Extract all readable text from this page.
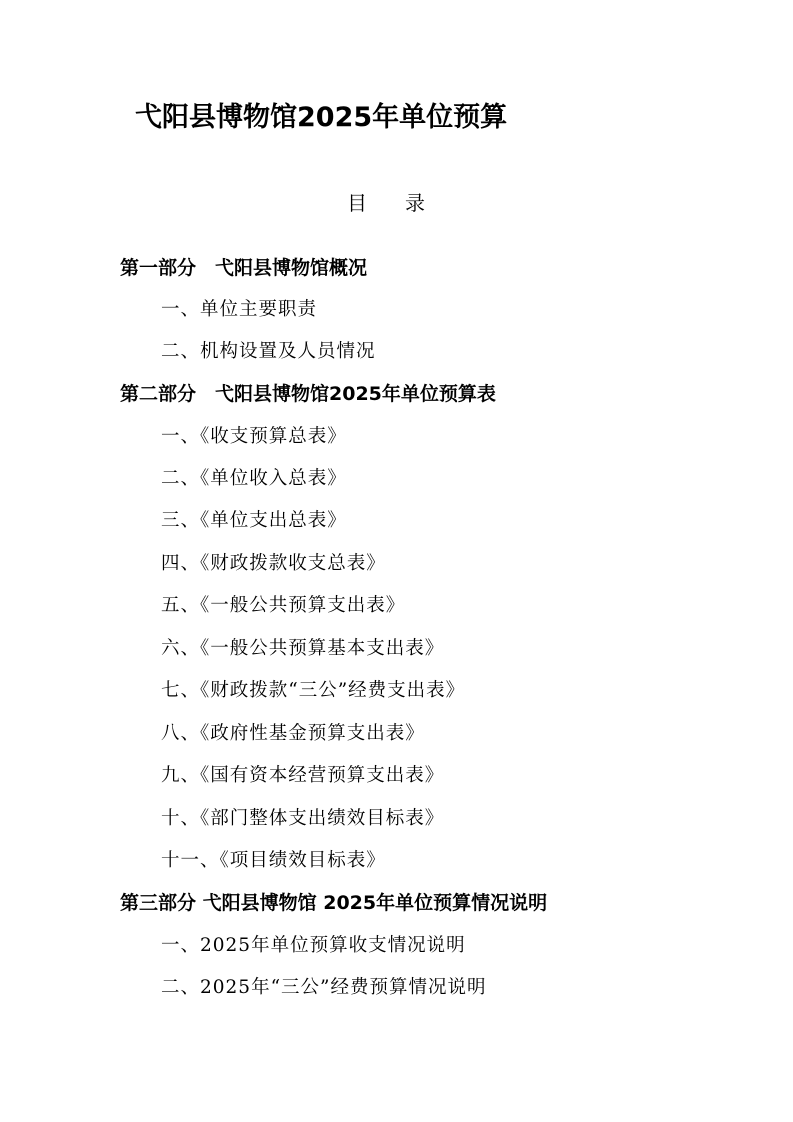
弋阳县博物馆2025年单位预算
目 录
第一部分　弋阳县博物馆概况
一、单位主要职责
二、机构设置及人员情况
第二部分　弋阳县博物馆2025年单位预算表
一、《收支预算总表》
二、《单位收入总表》
三、《单位支出总表》
四、《财政拨款收支总表》
五、《一般公共预算支出表》
六、《一般公共预算基本支出表》
七、《财政拨款“三公”经费支出表》
八、《政府性基金预算支出表》
九、《国有资本经营预算支出表》
十、《部门整体支出绩效目标表》
十一、《项目绩效目标表》
第三部分 弋阳县博物馆 2025年单位预算情况说明
一、2025年单位预算收支情况说明
二、2025年“三公”经费预算情况说明
